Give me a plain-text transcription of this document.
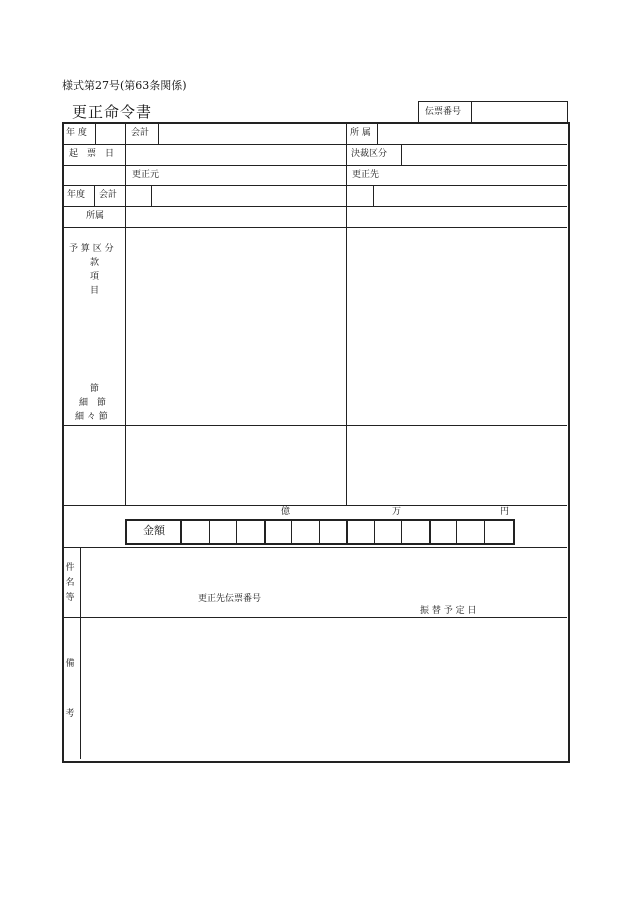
様式第27号(第63条関係)
更正命令書	伝票番号
年 度	会計	所 属
起　票　日	決裁区分
更正元	更正先
年度 会計
所属
予 算 区 分
款
項
目
節
細　節
細 々 節
億	万	円
金額
件
名
等	更正先伝票番号
振 替 予 定 日
備
考
